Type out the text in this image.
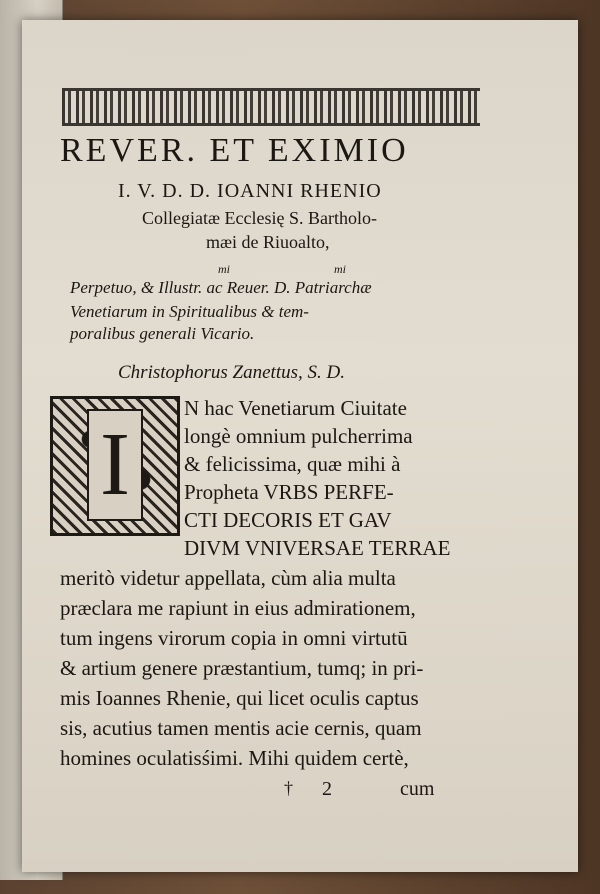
REVER. ET EXIMIO
I. V. D. D. IOANNI RHENIO
Collegiatæ Ecclesię S. Bartholo-
mæi de Riuoalto,
mi	mi
Perpetuo, & Illustr. ac Reuer. D. Patriarchæ
Venetiarum in Spiritualibus & tem-
poralibus generali Vicario.
Christophorus Zanettus, S. D.
I
N hac Venetiarum Ciuitate
longè omnium pulcherrima
& felicissima, quæ mihi à
Propheta VRBS PERFE-
CTI DECORIS ET GAV
DIVM VNIVERSAE TERRAE
meritò videtur appellata, cùm alia multa
præclara me rapiunt in eius admirationem,
tum ingens virorum copia in omni virtutū
& artium genere præstantium, tumq; in pri-
mis Ioannes Rhenie, qui licet oculis captus
sis, acutius tamen mentis acie cernis, quam
homines oculatisśimi. Mihi quidem certè,
† 2	cum
